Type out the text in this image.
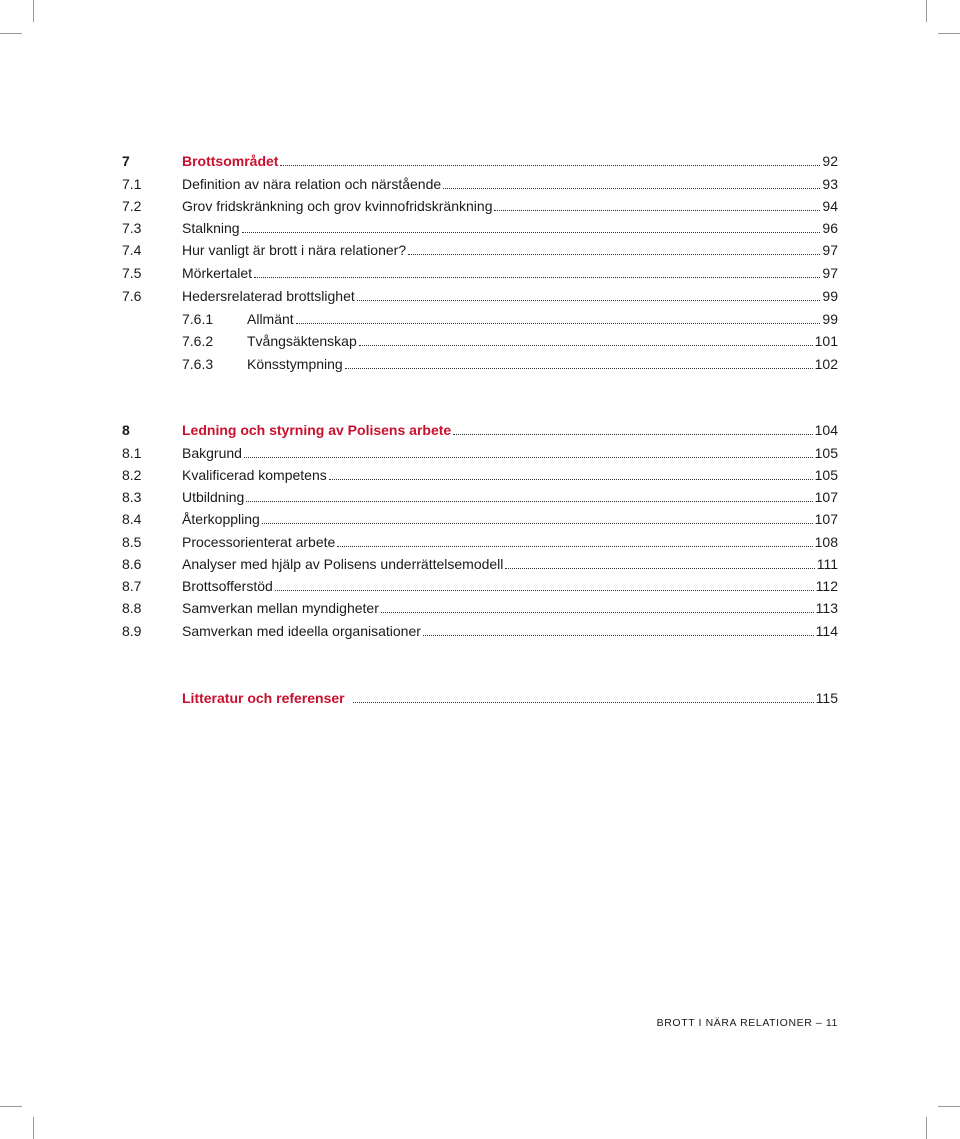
7	Brottsområdet	92
7.1	Definition av nära relation och närstående	93
7.2	Grov fridskränkning och grov kvinnofridskränkning	94
7.3	Stalkning	96
7.4	Hur vanligt är brott i nära relationer?	97
7.5	Mörkertalet	97
7.6	Hedersrelaterad brottslighet	99
7.6.1 Allmänt	99
7.6.2 Tvångsäktenskap	101
7.6.3 Könsstympning	102
8	Ledning och styrning av Polisens arbete	104
8.1	Bakgrund	105
8.2	Kvalificerad kompetens	105
8.3	Utbildning	107
8.4	Återkoppling	107
8.5	Processorienterat arbete	108
8.6	Analyser med hjälp av Polisens underrättelsemodell	111
8.7	Brottsofferstöd	112
8.8	Samverkan mellan myndigheter	113
8.9	Samverkan med ideella organisationer	114
Litteratur och referenser	115
BROTT I NÄRA RELATIONER – 11
